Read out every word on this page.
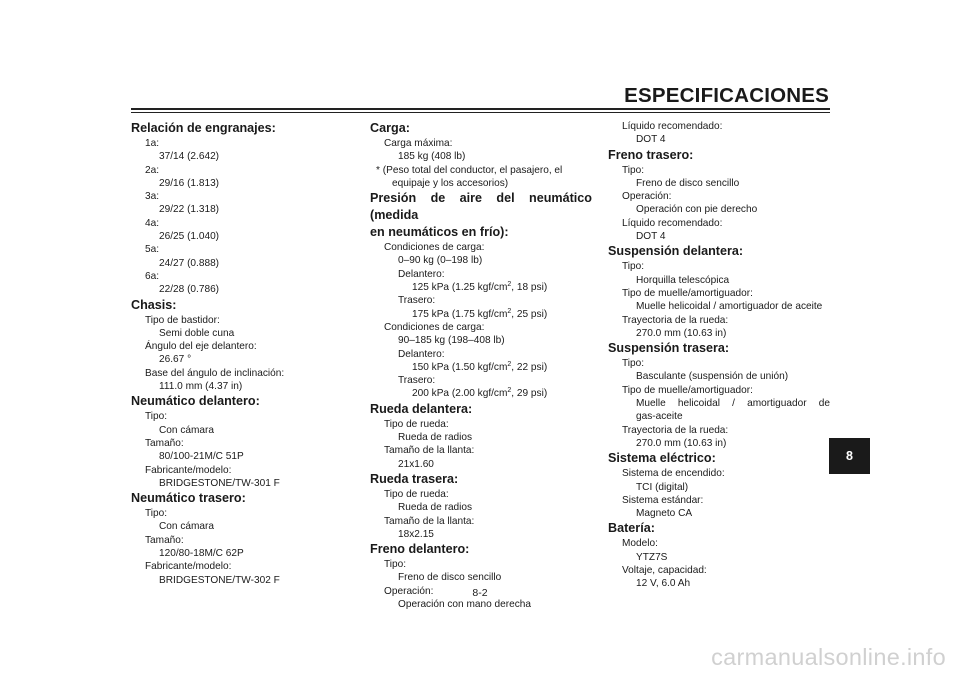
ESPECIFICACIONES
Relación de engranajes:
1a:
37/14 (2.642)
2a:
29/16 (1.813)
3a:
29/22 (1.318)
4a:
26/25 (1.040)
5a:
24/27 (0.888)
6a:
22/28 (0.786)
Chasis:
Tipo de bastidor:
Semi doble cuna
Ángulo del eje delantero:
26.67 °
Base del ángulo de inclinación:
111.0 mm (4.37 in)
Neumático delantero:
Tipo:
Con cámara
Tamaño:
80/100-21M/C 51P
Fabricante/modelo:
BRIDGESTONE/TW-301 F
Neumático trasero:
Tipo:
Con cámara
Tamaño:
120/80-18M/C 62P
Fabricante/modelo:
BRIDGESTONE/TW-302 F
Carga:
Carga máxima:
185 kg (408 lb)
* (Peso total del conductor, el pasajero, el
equipaje y los accesorios)
Presión de aire del neumático (medida
en neumáticos en frío):
Condiciones de carga:
0–90 kg (0–198 lb)
Delantero:
125 kPa (1.25 kgf/$cm^2$, 18 psi)
Trasero:
175 kPa (1.75 kgf/$cm^2$, 25 psi)
Condiciones de carga:
90–185 kg (198–408 lb)
Delantero:
150 kPa (1.50 kgf/$cm^2$, 22 psi)
Trasero:
200 kPa (2.00 kgf/$cm^2$, 29 psi)
Rueda delantera:
Tipo de rueda:
Rueda de radios
Tamaño de la llanta:
21x1.60
Rueda trasera:
Tipo de rueda:
Rueda de radios
Tamaño de la llanta:
18x2.15
Freno delantero:
Tipo:
Freno de disco sencillo
Operación:
Operación con mano derecha
Líquido recomendado:
DOT 4
Freno trasero:
Tipo:
Freno de disco sencillo
Operación:
Operación con pie derecho
Líquido recomendado:
DOT 4
Suspensión delantera:
Tipo:
Horquilla telescópica
Tipo de muelle/amortiguador:
Muelle helicoidal / amortiguador de aceite
Trayectoria de la rueda:
270.0 mm (10.63 in)
Suspensión trasera:
Tipo:
Basculante (suspensión de unión)
Tipo de muelle/amortiguador:
Muelle helicoidal / amortiguador de
gas-aceite
Trayectoria de la rueda:
270.0 mm (10.63 in)
Sistema eléctrico:
Sistema de encendido:
TCI (digital)
Sistema estándar:
Magneto CA
Batería:
Modelo:
YTZ7S
Voltaje, capacidad:
12 V, 6.0 Ah
8
8-2
carmanualsonline.info
